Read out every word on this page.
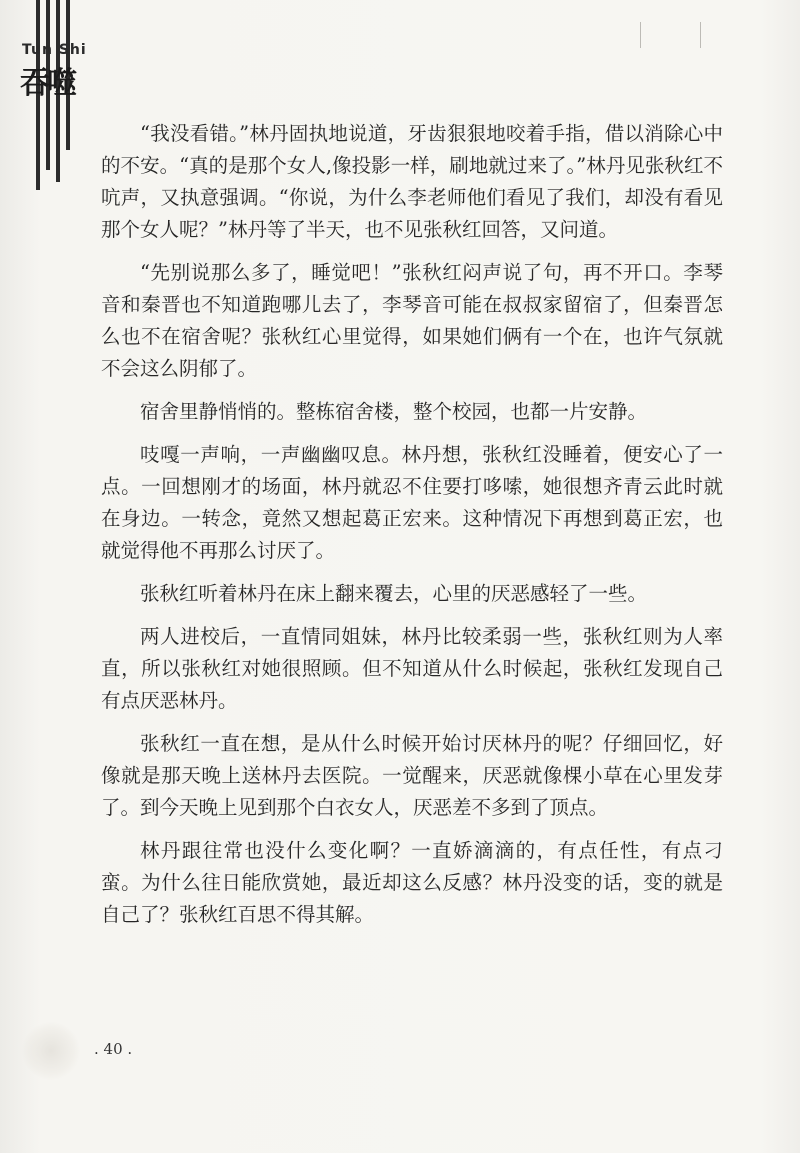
Tun Shi
吞噬

“我没看错。”林丹固执地说道，牙齿狠狠地咬着手指，借以消除心中的不安。“真的是那个女人,像投影一样，刷地就过来了。”林丹见张秋红不吭声，又执意强调。“你说，为什么李老师他们看见了我们，却没有看见那个女人呢？”林丹等了半天，也不见张秋红回答，又问道。

“先别说那么多了，睡觉吧！”张秋红闷声说了句，再不开口。李琴音和秦晋也不知道跑哪儿去了，李琴音可能在叔叔家留宿了，但秦晋怎么也不在宿舍呢？张秋红心里觉得，如果她们俩有一个在，也许气氛就不会这么阴郁了。

宿舍里静悄悄的。整栋宿舍楼，整个校园，也都一片安静。

吱嘎一声响，一声幽幽叹息。林丹想，张秋红没睡着，便安心了一点。一回想刚才的场面，林丹就忍不住要打哆嗦，她很想齐青云此时就在身边。一转念，竟然又想起葛正宏来。这种情况下再想到葛正宏，也就觉得他不再那么讨厌了。

张秋红听着林丹在床上翻来覆去，心里的厌恶感轻了一些。

两人进校后，一直情同姐妹，林丹比较柔弱一些，张秋红则为人率直，所以张秋红对她很照顾。但不知道从什么时候起，张秋红发现自己有点厌恶林丹。

张秋红一直在想，是从什么时候开始讨厌林丹的呢？仔细回忆，好像就是那天晚上送林丹去医院。一觉醒来，厌恶就像棵小草在心里发芽了。到今天晚上见到那个白衣女人，厌恶差不多到了顶点。

林丹跟往常也没什么变化啊？一直娇滴滴的，有点任性，有点刁蛮。为什么往日能欣赏她，最近却这么反感？林丹没变的话，变的就是自己了？张秋红百思不得其解。

. 40 .
